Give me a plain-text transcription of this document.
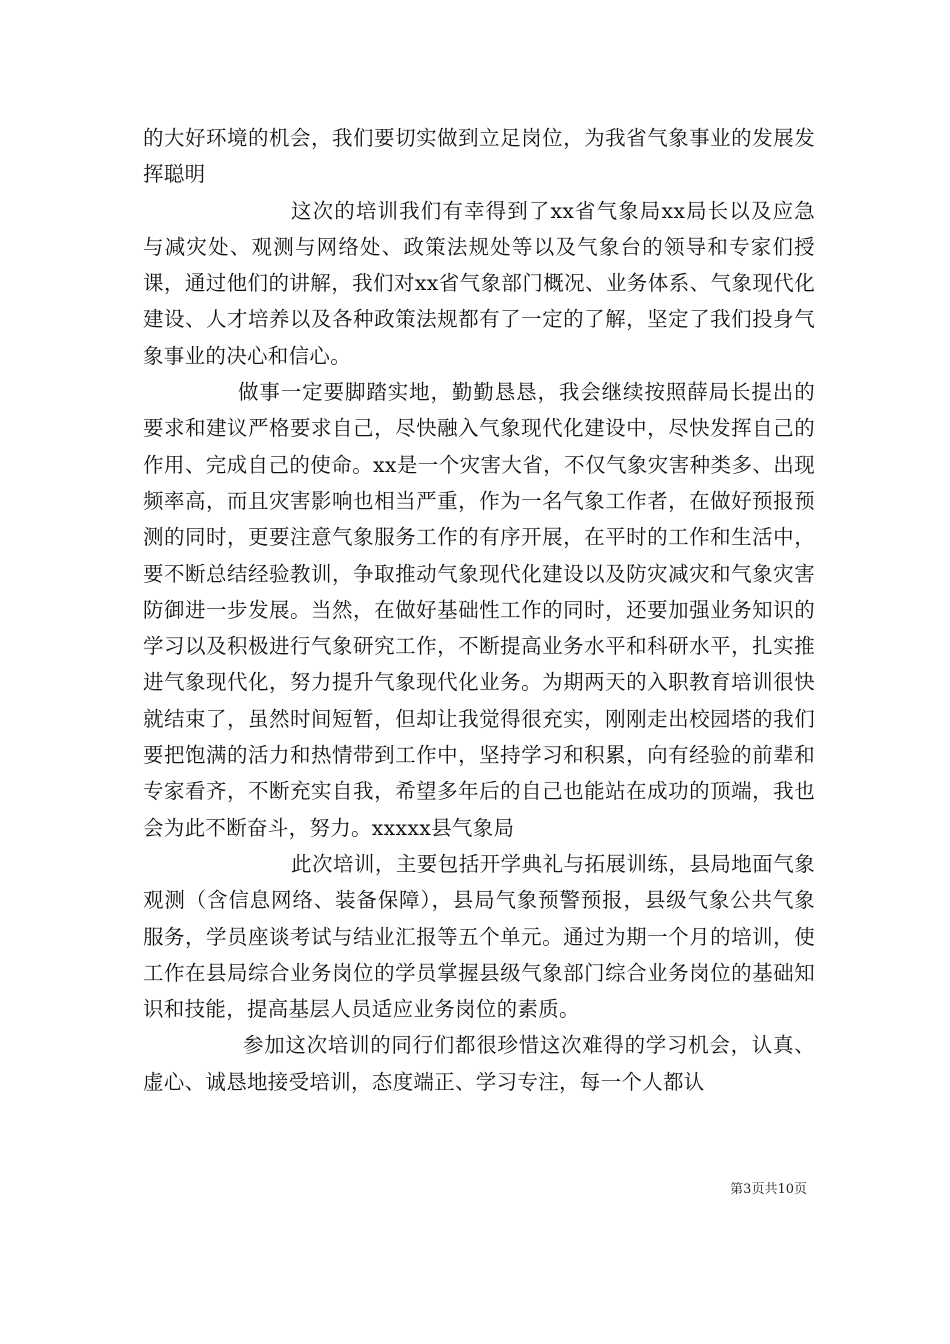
的大好环境的机会，我们要切实做到立足岗位，为我省气象事业的发展发挥聪明

这次的培训我们有幸得到了xx省气象局xx局长以及应急与减灾处、观测与网络处、政策法规处等以及气象台的领导和专家们授课，通过他们的讲解，我们对xx省气象部门概况、业务体系、气象现代化建设、人才培养以及各种政策法规都有了一定的了解，坚定了我们投身气象事业的决心和信心。

做事一定要脚踏实地，勤勤恳恳，我会继续按照薛局长提出的要求和建议严格要求自己，尽快融入气象现代化建设中，尽快发挥自己的作用、完成自己的使命。xx是一个灾害大省，不仅气象灾害种类多、出现频率高，而且灾害影响也相当严重，作为一名气象工作者，在做好预报预测的同时，更要注意气象服务工作的有序开展，在平时的工作和生活中，要不断总结经验教训，争取推动气象现代化建设以及防灾减灾和气象灾害防御进一步发展。当然，在做好基础性工作的同时，还要加强业务知识的学习以及积极进行气象研究工作，不断提高业务水平和科研水平，扎实推进气象现代化，努力提升气象现代化业务。为期两天的入职教育培训很快就结束了，虽然时间短暂，但却让我觉得很充实，刚刚走出校园塔的我们要把饱满的活力和热情带到工作中，坚持学习和积累，向有经验的前辈和专家看齐，不断充实自我，希望多年后的自己也能站在成功的顶端，我也会为此不断奋斗，努力。xxxxx县气象局

此次培训，主要包括开学典礼与拓展训练，县局地面气象观测（含信息网络、装备保障），县局气象预警预报，县级气象公共气象服务，学员座谈考试与结业汇报等五个单元。通过为期一个月的培训，使工作在县局综合业务岗位的学员掌握县级气象部门综合业务岗位的基础知识和技能，提高基层人员适应业务岗位的素质。

参加这次培训的同行们都很珍惜这次难得的学习机会，认真、虚心、诚恳地接受培训，态度端正、学习专注，每一个人都认

第3页共10页
